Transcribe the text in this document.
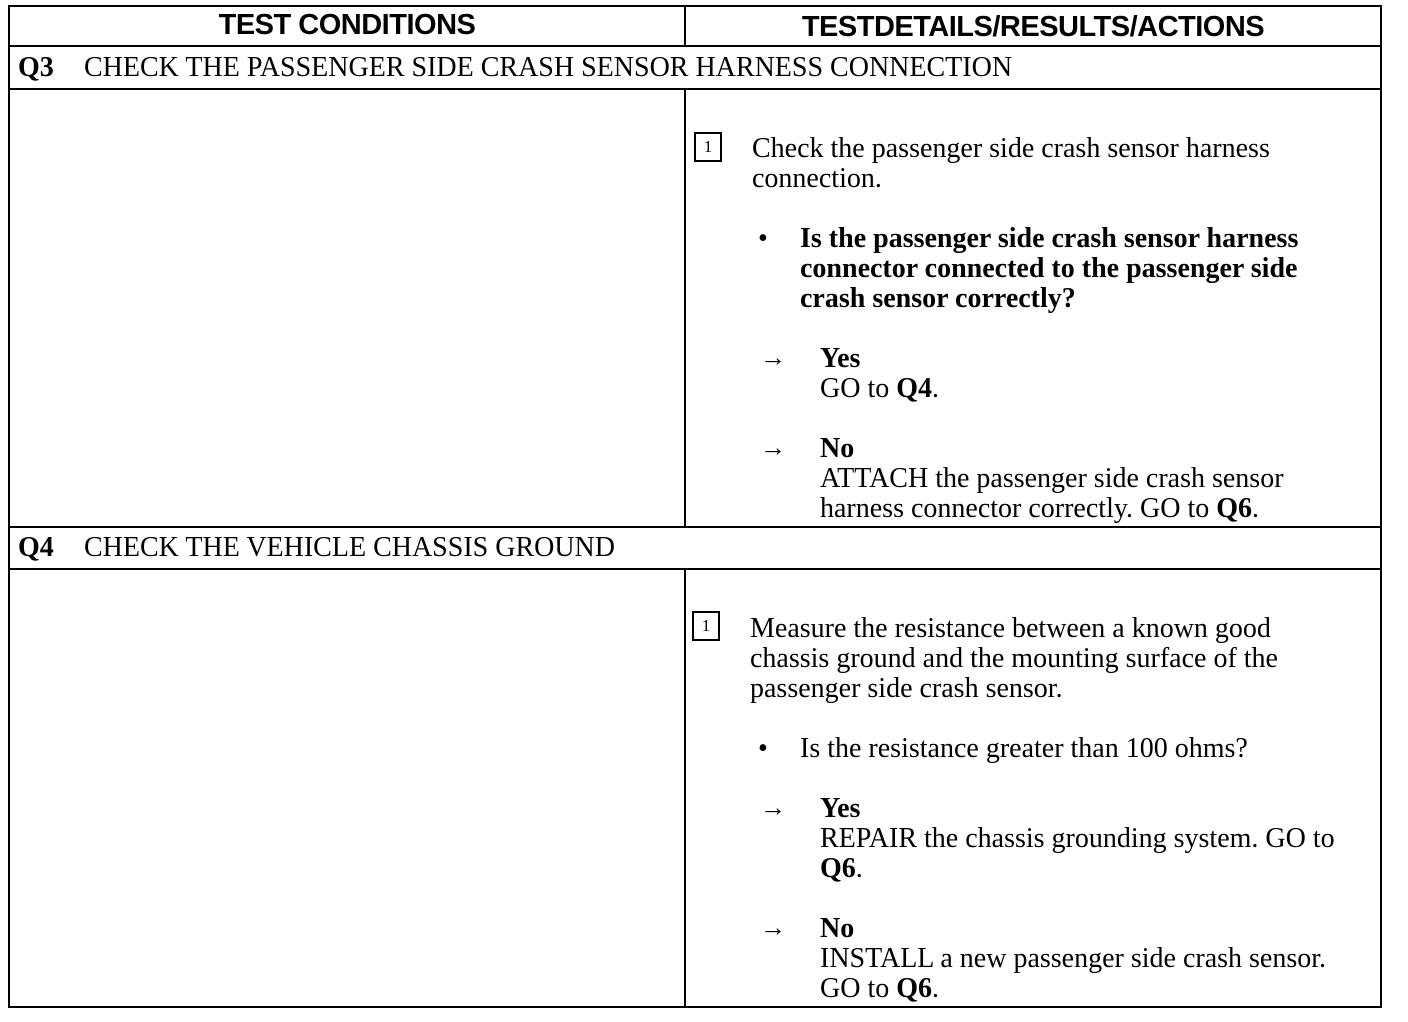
TEST CONDITIONS	TESTDETAILS/RESULTS/ACTIONS
Q3 CHECK THE PASSENGER SIDE CRASH SENSOR HARNESS CONNECTION
1	Check the passenger side crash sensor harness connection.
• Is the passenger side crash sensor harness connector connected to the passenger side crash sensor correctly?
→ Yes
GO to Q4.
→ No
ATTACH the passenger side crash sensor harness connector correctly. GO to Q6.
Q4 CHECK THE VEHICLE CHASSIS GROUND
1	Measure the resistance between a known good chassis ground and the mounting surface of the passenger side crash sensor.
• Is the resistance greater than 100 ohms?
→ Yes
REPAIR the chassis grounding system. GO to Q6.
→ No
INSTALL a new passenger side crash sensor. GO to Q6.
